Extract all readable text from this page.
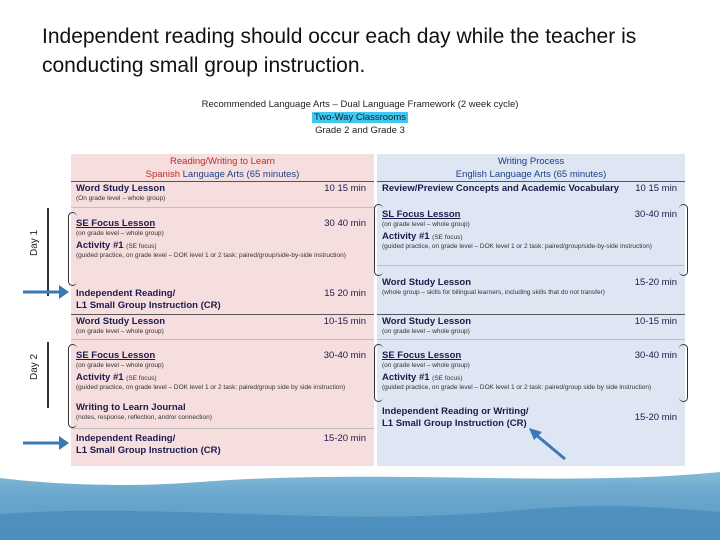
Independent reading should occur each day while the teacher is conducting small group instruction.
Recommended Language Arts – Dual Language Framework (2 week cycle)
Two-Way Classrooms
Grade 2 and Grade 3
Day 1
Day 2
Reading/Writing to Learn
Spanish Language Arts (65 minutes)
Word Study Lesson
(On grade level – whole group)
10 15 min
SE Focus Lesson
(on grade level – whole group)
30 40 min
Activity #1 (SE focus)
(guided practice, on grade level – DOK level 1 or 2 task: paired/group/side-by-side instruction)
Independent Reading/
L1 Small Group Instruction (CR)
15 20 min
Word Study Lesson
(on grade level – whole group)
10-15 min
SE Focus Lesson
(on grade level – whole group)
30-40 min
Activity #1 (SE focus)
(guided practice, on grade level – DOK level 1 or 2 task: paired/group side by side instruction)
Writing to Learn Journal
(notes, response, reflection, and/or connection)
Independent Reading/
L1 Small Group Instruction (CR)
15-20 min
Writing Process
English Language Arts (65 minutes)
Review/Preview Concepts and Academic Vocabulary	10 15 min
SL Focus Lesson
(on grade level – whole group)
30-40 min
Activity #1 (SE focus)
(guided practice, on grade level – DOK level 1 or 2 task: paired/group/side-by-side instruction)
Word Study Lesson
(whole group – skills for bilingual learners, including skills that do not transfer)
15-20 min
Word Study Lesson
(on grade level – whole group)
10-15 min
SE Focus Lesson
(on grade level – whole group)
30-40 min
Activity #1 (SE focus)
(guided practice, on grade level – DOK level 1 or 2 task: paired/group side by side instruction)
Independent Reading or Writing/
L1 Small Group Instruction (CR)
15-20 min
